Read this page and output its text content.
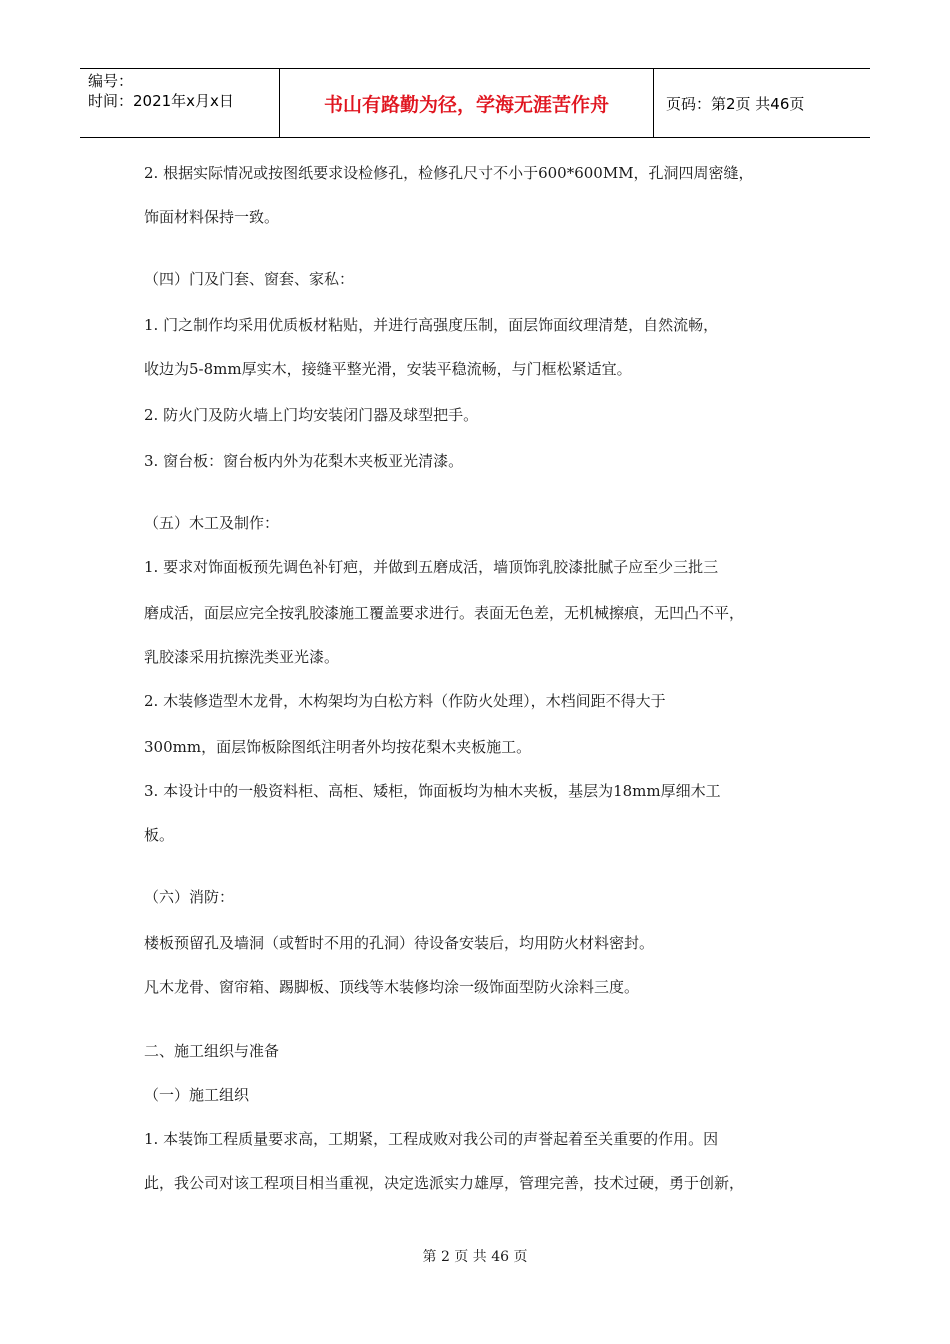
编号：
时间：2021年x月x日	书山有路勤为径，学海无涯苦作舟	页码：第2页 共46页
2. 根据实际情况或按图纸要求设检修孔，检修孔尺寸不小于600*600MM，孔洞四周密缝，
饰面材料保持一致。
（四）门及门套、窗套、家私：
1. 门之制作均采用优质板材粘贴，并进行高强度压制，面层饰面纹理清楚，自然流畅，
收边为5-8mm厚实木，接缝平整光滑，安装平稳流畅，与门框松紧适宜。
2. 防火门及防火墙上门均安装闭门器及球型把手。
3. 窗台板：窗台板内外为花梨木夹板亚光清漆。
（五）木工及制作：
1. 要求对饰面板预先调色补钉疤，并做到五磨成活，墙顶饰乳胶漆批腻子应至少三批三
磨成活，面层应完全按乳胶漆施工覆盖要求进行。表面无色差，无机械擦痕，无凹凸不平，
乳胶漆采用抗擦洗类亚光漆。
2. 木装修造型木龙骨，木构架均为白松方料（作防火处理），木档间距不得大于
300mm，面层饰板除图纸注明者外均按花梨木夹板施工。
3. 本设计中的一般资料柜、高柜、矮柜，饰面板均为柚木夹板，基层为18mm厚细木工
板。
（六）消防：
楼板预留孔及墙洞（或暂时不用的孔洞）待设备安装后，均用防火材料密封。
凡木龙骨、窗帘箱、踢脚板、顶线等木装修均涂一级饰面型防火涂料三度。
二、施工组织与准备
（一）施工组织
1. 本装饰工程质量要求高，工期紧，工程成败对我公司的声誉起着至关重要的作用。因
此，我公司对该工程项目相当重视，决定选派实力雄厚，管理完善，技术过硬，勇于创新，
第 2 页 共 46 页
